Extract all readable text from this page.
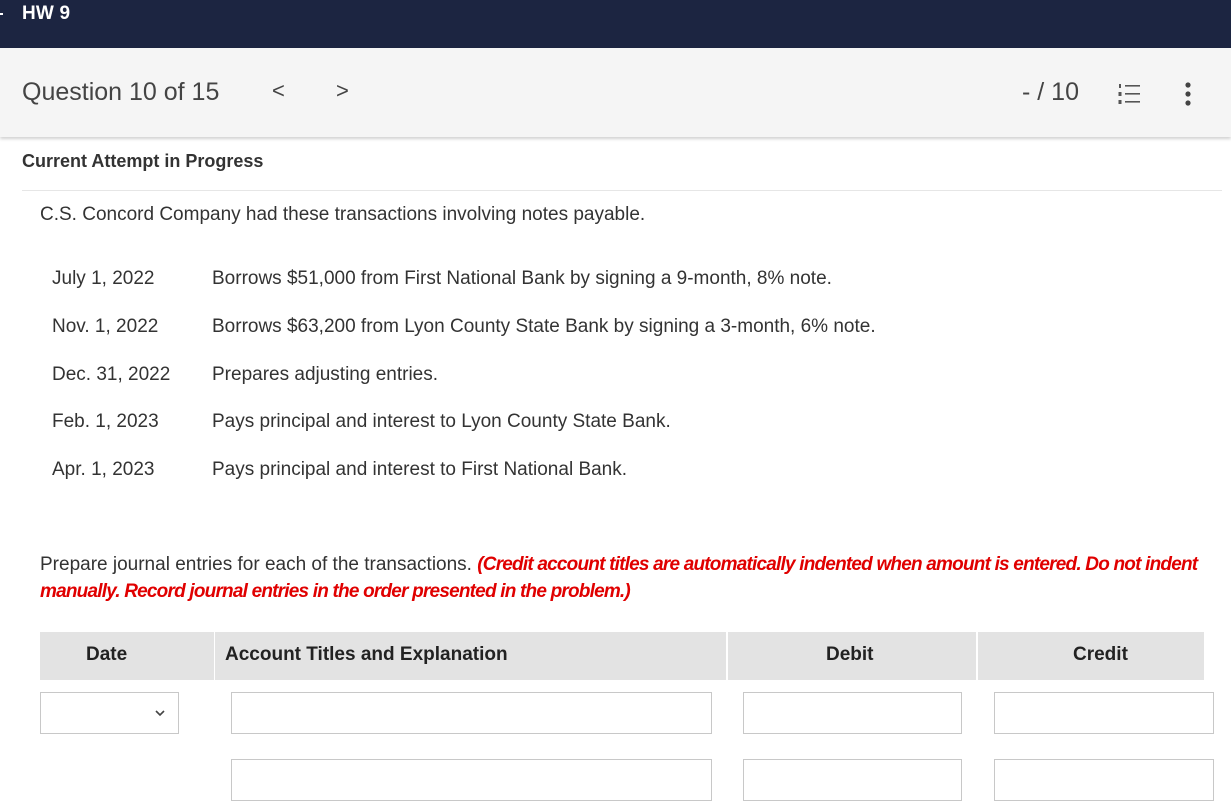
HW 9
Question 10 of 15 <	>	- / 10
Current Attempt in Progress
C.S. Concord Company had these transactions involving notes payable.
July 1, 2022	Borrows $51,000 from First National Bank by signing a 9-month, 8% note.
Nov. 1, 2022	Borrows $63,200 from Lyon County State Bank by signing a 3-month, 6% note.
Dec. 31, 2022 Prepares adjusting entries.
Feb. 1, 2023	Pays principal and interest to Lyon County State Bank.
Apr. 1, 2023	Pays principal and interest to First National Bank.
Prepare journal entries for each of the transactions. (Credit account titles are automatically indented when amount is entered. Do not indent manually. Record journal entries in the order presented in the problem.)
Date	Account Titles and Explanation	Debit	Credit
